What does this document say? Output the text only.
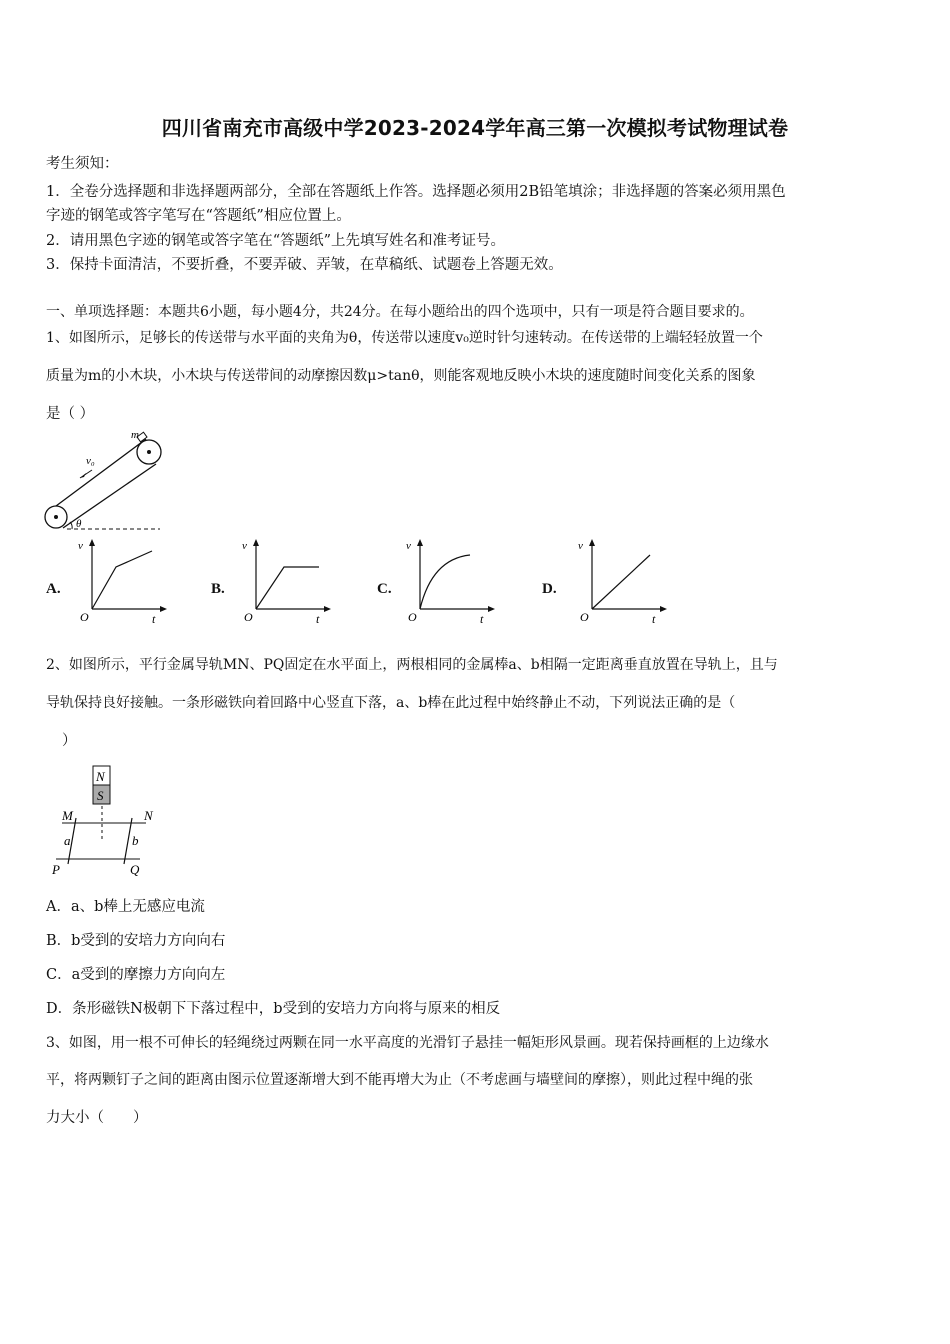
四川省南充市高级中学2023-2024学年高三第一次模拟考试物理试卷
考生须知：
1．全卷分选择题和非选择题两部分，全部在答题纸上作答。选择题必须用2B铅笔填涂；非选择题的答案必须用黑色
字迹的钢笔或答字笔写在“答题纸”相应位置上。
2．请用黑色字迹的钢笔或答字笔在“答题纸”上先填写姓名和准考证号。
3．保持卡面清洁，不要折叠，不要弄破、弄皱，在草稿纸、试题卷上答题无效。
一、单项选择题：本题共6小题，每小题4分，共24分。在每小题给出的四个选项中，只有一项是符合题目要求的。
1、如图所示，足够长的传送带与水平面的夹角为θ，传送带以速度v₀逆时针匀速转动。在传送带的上端轻轻放置一个
质量为m的小木块，小木块与传送带间的动摩擦因数μ>tanθ，则能客观地反映小木块的速度随时间变化关系的图象
是（ ）
m
v₀
θ
A.
v
O	t
B.
v
O	t
C.
v
O	t
D.
v
O	t
2、如图所示，平行金属导轨MN、PQ固定在水平面上，两根相同的金属棒a、b相隔一定距离垂直放置在导轨上，且与
导轨保持良好接触。一条形磁铁向着回路中心竖直下落，a、b棒在此过程中始终静止不动，下列说法正确的是（
）
N
S
M	N
a	b
P	Q
A．a、b棒上无感应电流
B．b受到的安培力方向向右
C．a受到的摩擦力方向向左
D．条形磁铁N极朝下下落过程中，b受到的安培力方向将与原来的相反
3、如图，用一根不可伸长的轻绳绕过两颗在同一水平高度的光滑钉子悬挂一幅矩形风景画。现若保持画框的上边缘水
平，将两颗钉子之间的距离由图示位置逐渐增大到不能再增大为止（不考虑画与墙壁间的摩擦），则此过程中绳的张
力大小（　　）
